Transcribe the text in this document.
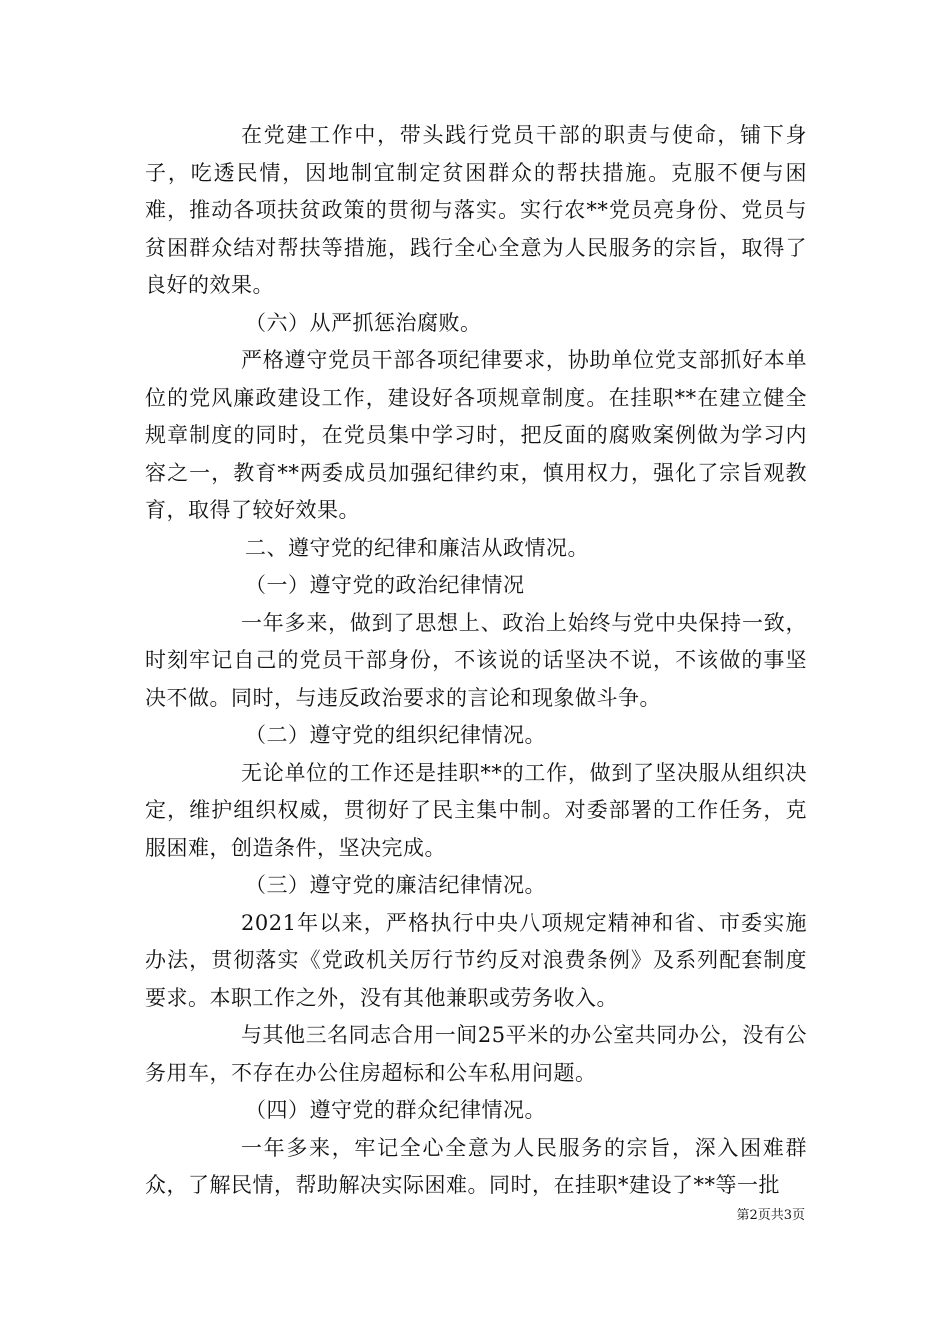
在党建工作中，带头践行党员干部的职责与使命，铺下身子，吃透民情，因地制宜制定贫困群众的帮扶措施。克服不便与困难，推动各项扶贫政策的贯彻与落实。实行农**党员亮身份、党员与贫困群众结对帮扶等措施，践行全心全意为人民服务的宗旨，取得了良好的效果。

（六）从严抓惩治腐败。

严格遵守党员干部各项纪律要求，协助单位党支部抓好本单位的党风廉政建设工作，建设好各项规章制度。在挂职**在建立健全规章制度的同时，在党员集中学习时，把反面的腐败案例做为学习内容之一，教育**两委成员加强纪律约束，慎用权力，强化了宗旨观教育，取得了较好效果。

二、遵守党的纪律和廉洁从政情况。

（一）遵守党的政治纪律情况

一年多来，做到了思想上、政治上始终与党中央保持一致，时刻牢记自己的党员干部身份，不该说的话坚决不说，不该做的事坚决不做。同时，与违反政治要求的言论和现象做斗争。

（二）遵守党的组织纪律情况。

无论单位的工作还是挂职**的工作，做到了坚决服从组织决定，维护组织权威，贯彻好了民主集中制。对委部署的工作任务，克服困难，创造条件，坚决完成。

（三）遵守党的廉洁纪律情况。

2021年以来，严格执行中央八项规定精神和省、市委实施办法，贯彻落实《党政机关厉行节约反对浪费条例》及系列配套制度要求。本职工作之外，没有其他兼职或劳务收入。

与其他三名同志合用一间25平米的办公室共同办公，没有公务用车，不存在办公住房超标和公车私用问题。

（四）遵守党的群众纪律情况。

一年多来，牢记全心全意为人民服务的宗旨，深入困难群众，了解民情，帮助解决实际困难。同时，在挂职*建设了**等一批

第2页共3页
